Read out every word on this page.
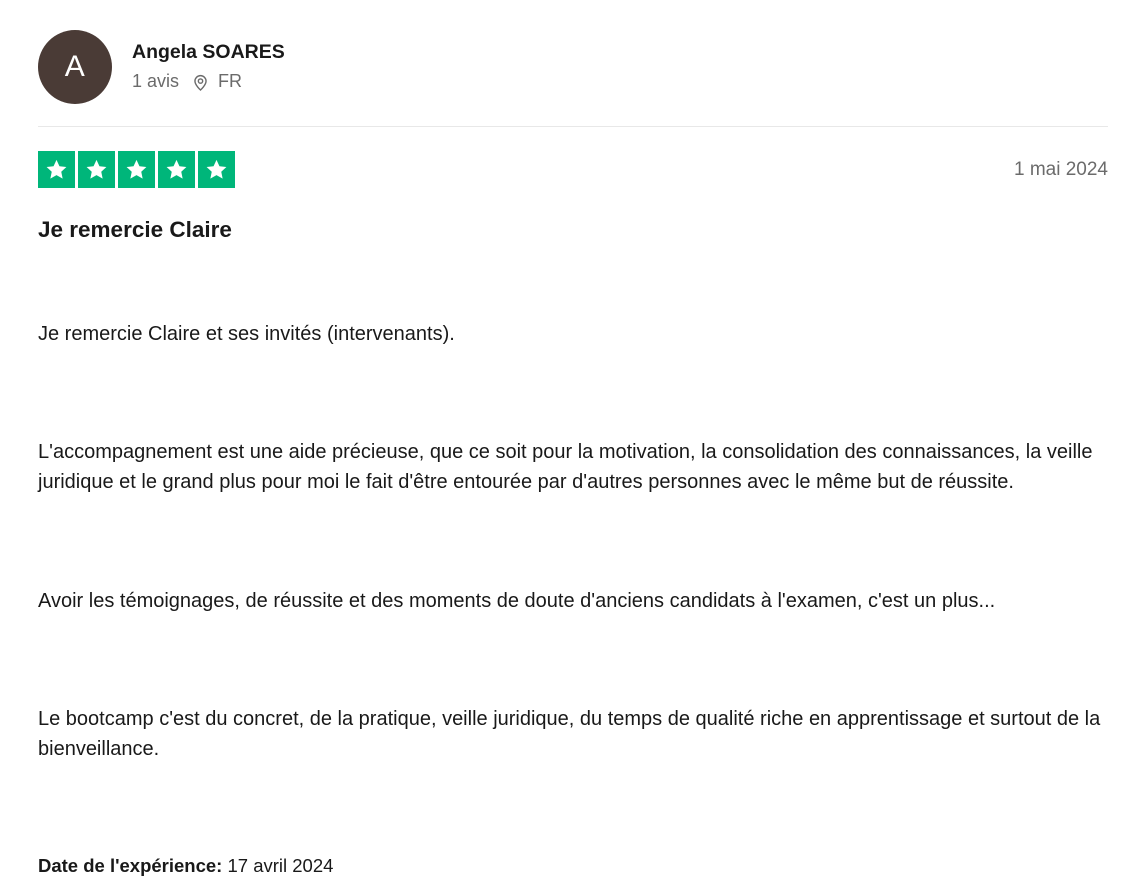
A Angela SOARES
1 avis FR
1 mai 2024
Je remercie Claire

Je remercie Claire et ses invités (intervenants).

L'accompagnement est une aide précieuse, que ce soit pour la motivation, la consolidation des connaissances, la veille juridique et le grand plus pour moi le fait d'être entourée par d'autres personnes avec le même but de réussite.

Avoir les témoignages, de réussite et des moments de doute d'anciens candidats à l'examen, c'est un plus...

Le bootcamp c'est du concret, de la pratique, veille juridique, du temps de qualité riche en apprentissage et surtout de la bienveillance.

Date de l'expérience: 17 avril 2024
